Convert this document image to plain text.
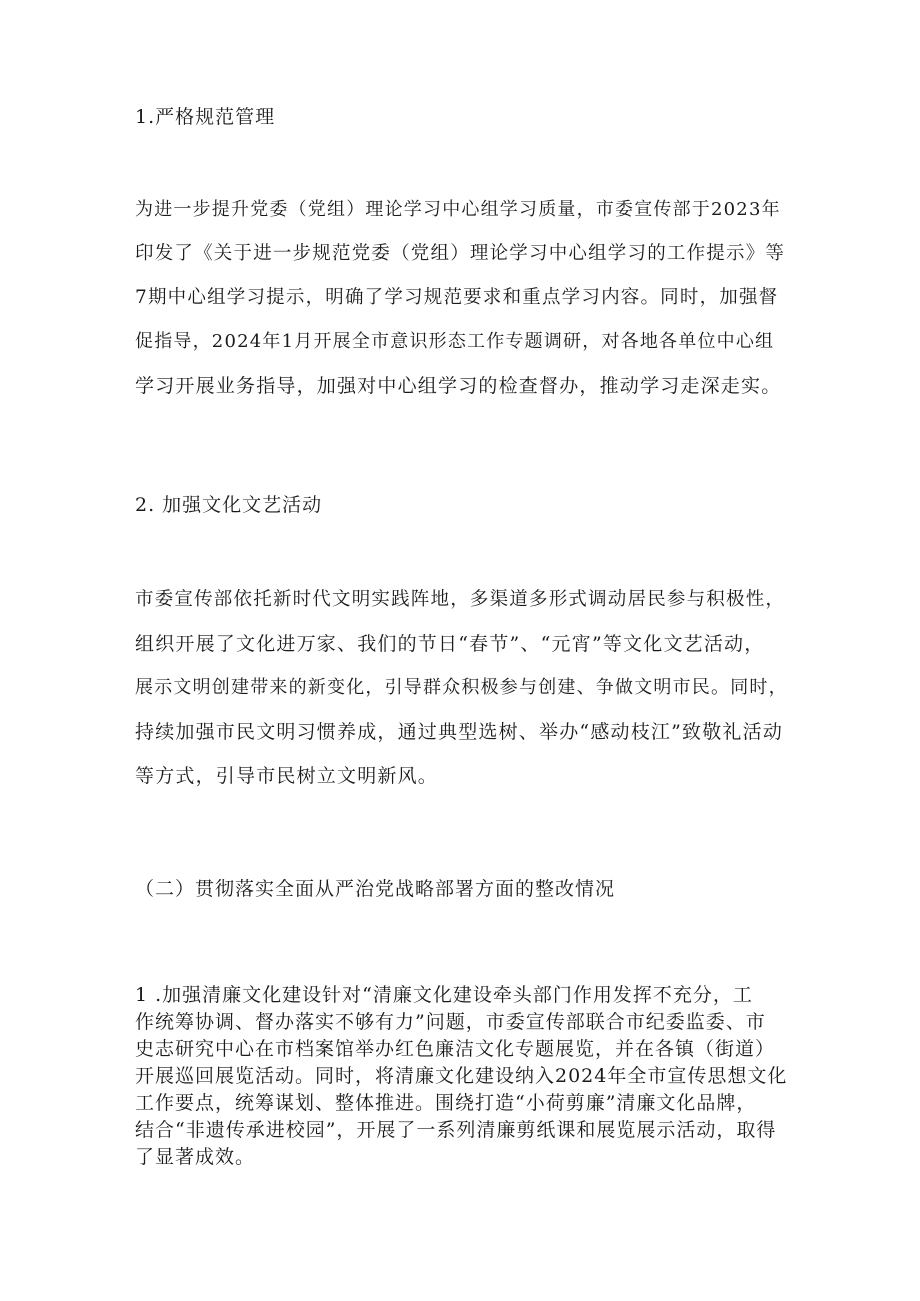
1.严格规范管理
为进一步提升党委（党组）理论学习中心组学习质量，市委宣传部于2023年
印发了《关于进一步规范党委（党组）理论学习中心组学习的工作提示》等
7期中心组学习提示，明确了学习规范要求和重点学习内容。同时，加强督
促指导，2024年1月开展全市意识形态工作专题调研，对各地各单位中心组
学习开展业务指导，加强对中心组学习的检查督办，推动学习走深走实。
2. 加强文化文艺活动
市委宣传部依托新时代文明实践阵地，多渠道多形式调动居民参与积极性，
组织开展了文化进万家、我们的节日“春节”、“元宵”等文化文艺活动，
展示文明创建带来的新变化，引导群众积极参与创建、争做文明市民。同时，
持续加强市民文明习惯养成，通过典型选树、举办“感动枝江”致敬礼活动
等方式，引导市民树立文明新风。
（二）贯彻落实全面从严治党战略部署方面的整改情况
1 .加强清廉文化建设针对“清廉文化建设牵头部门作用发挥不充分，工
作统筹协调、督办落实不够有力”问题，市委宣传部联合市纪委监委、市
史志研究中心在市档案馆举办红色廉洁文化专题展览，并在各镇（街道）
开展巡回展览活动。同时，将清廉文化建设纳入2024年全市宣传思想文化
工作要点，统筹谋划、整体推进。围绕打造“小荷剪廉”清廉文化品牌，
结合“非遗传承进校园”，开展了一系列清廉剪纸课和展览展示活动，取得
了显著成效。
